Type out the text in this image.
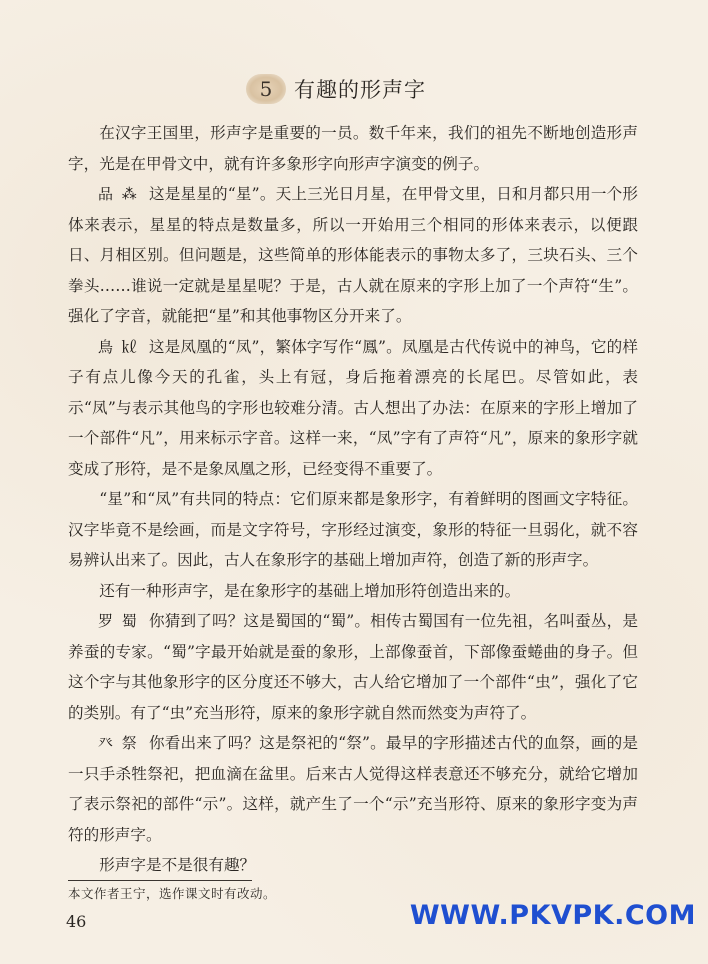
5	有趣的形声字

在汉字王国里，形声字是重要的一员。数千年来，我们的祖先不断地创造形声字，光是在甲骨文中，就有许多象形字向形声字演变的例子。

品 ⁂ 这是星星的“星”。天上三光日月星，在甲骨文里，日和月都只用一个形体来表示，星星的特点是数量多，所以一开始用三个相同的形体来表示，以便跟日、月相区别。但问题是，这些简单的形体能表示的事物太多了，三块石头、三个拳头……谁说一定就是星星呢？于是，古人就在原来的字形上加了一个声符“生”。强化了字音，就能把“星”和其他事物区分开来了。

鳥 ㎘ 这是凤凰的“凤”，繁体字写作“鳳”。凤凰是古代传说中的神鸟，它的样子有点儿像今天的孔雀，头上有冠，身后拖着漂亮的长尾巴。尽管如此，表示“凤”与表示其他鸟的字形也较难分清。古人想出了办法：在原来的字形上增加了一个部件“凡”，用来标示字音。这样一来，“凤”字有了声符“凡”，原来的象形字就变成了形符，是不是象凤凰之形，已经变得不重要了。

“星”和“凤”有共同的特点：它们原来都是象形字，有着鲜明的图画文字特征。汉字毕竟不是绘画，而是文字符号，字形经过演变，象形的特征一旦弱化，就不容易辨认出来了。因此，古人在象形字的基础上增加声符，创造了新的形声字。

还有一种形声字，是在象形字的基础上增加形符创造出来的。

罗 蜀 你猜到了吗？这是蜀国的“蜀”。相传古蜀国有一位先祖，名叫蚕丛，是养蚕的专家。“蜀”字最开始就是蚕的象形，上部像蚕首，下部像蚕蜷曲的身子。但这个字与其他象形字的区分度还不够大，古人给它增加了一个部件“虫”，强化了它的类别。有了“虫”充当形符，原来的象形字就自然而然变为声符了。

癶 祭 你看出来了吗？这是祭祀的“祭”。最早的字形描述古代的血祭，画的是一只手杀牲祭祀，把血滴在盆里。后来古人觉得这样表意还不够充分，就给它增加了表示祭祀的部件“示”。这样，就产生了一个“示”充当形符、原来的象形字变为声符的形声字。

形声字是不是很有趣？

本文作者王宁，选作课文时有改动。
46	WWW.PKVPK.COM
